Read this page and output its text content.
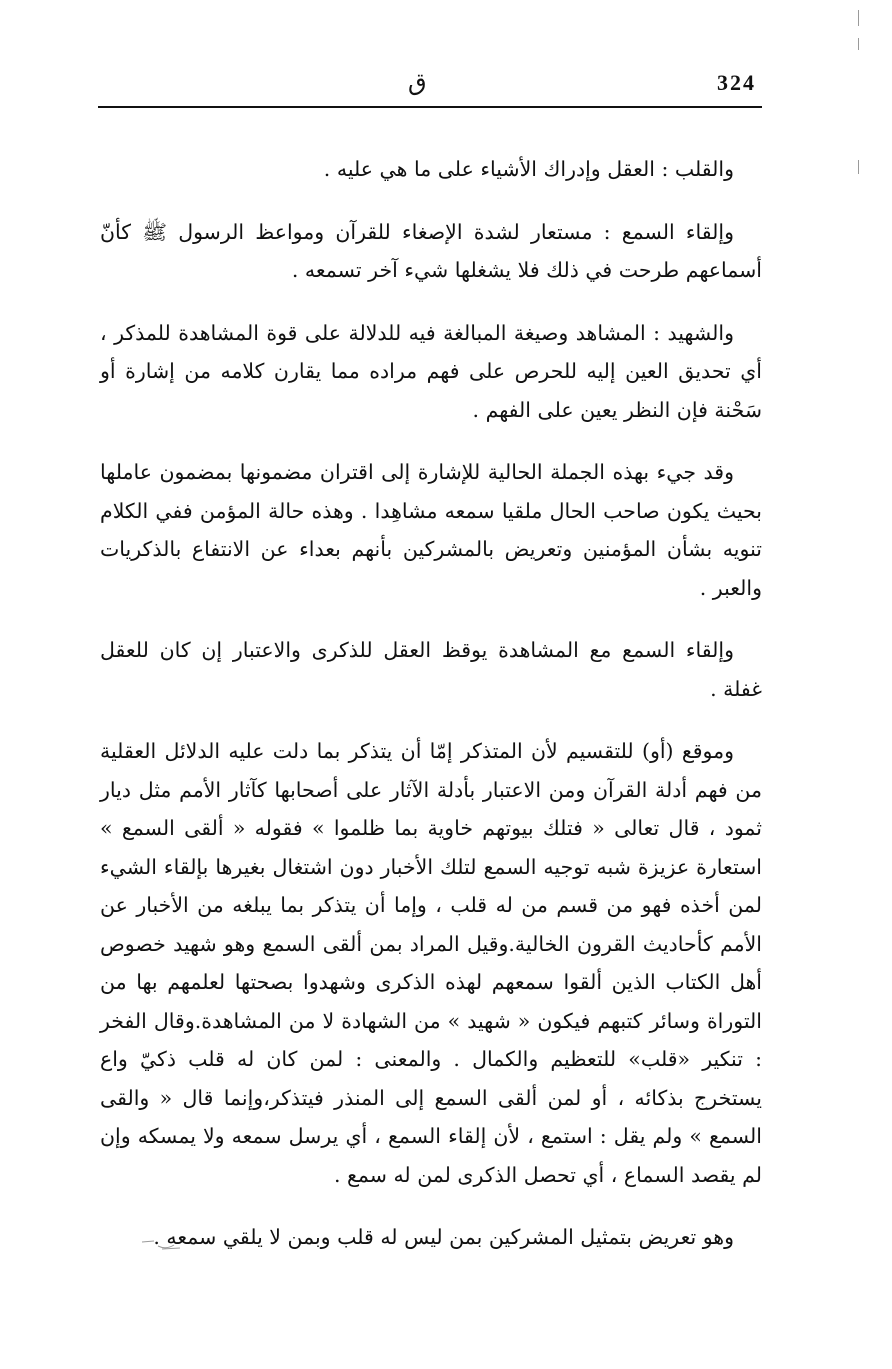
324
ق

والقلب : العقل وإدراك الأشياء على ما هي عليه .

وإلقاء السمع : مستعار لشدة الإصغاء للقرآن ومواعظ الرسول ﷺ كأنّ أسماعهم طرحت في ذلك فلا يشغلها شيء آخر تسمعه .

والشهيد : المشاهد وصيغة المبالغة فيه للدلالة على قوة المشاهدة للمذكر ، أي تحديق العين إليه للحرص على فهم مراده مما يقارن كلامه من إشارة أو سَحْنة فإن النظر يعين على الفهم .

وقد جيء بهذه الجملة الحالية للإشارة إلى اقتران مضمونها بمضمون عاملها بحيث يكون صاحب الحال ملقيا سمعه مشاهِدا . وهذه حالة المؤمن ففي الكلام تنويه بشأن المؤمنين وتعريض بالمشركين بأنهم بعداء عن الانتفاع بالذكريات والعبر .

وإلقاء السمع مع المشاهدة يوقظ العقل للذكرى والاعتبار إن كان للعقل غفلة .

وموقع (أو) للتقسيم لأن المتذكر إمّا أن يتذكر بما دلت عليه الدلائل العقلية من فهم أدلة القرآن ومن الاعتبار بأدلة الآثار على أصحابها كآثار الأمم مثل ديار ثمود ، قال تعالى « فتلك بيوتهم خاوية بما ظلموا » فقوله « ألقى السمع » استعارة عزيزة شبه توجيه السمع لتلك الأخبار دون اشتغال بغيرها بإلقاء الشيء لمن أخذه فهو من قسم من له قلب ، وإما أن يتذكر بما يبلغه من الأخبار عن الأمم كأحاديث القرون الخالية.وقيل المراد بمن ألقى السمع وهو شهيد خصوص أهل الكتاب الذين ألقوا سمعهم لهذه الذكرى وشهدوا بصحتها لعلمهم بها من التوراة وسائر كتبهم فيكون « شهيد » من الشهادة لا من المشاهدة.وقال الفخر : تنكير «قلب» للتعظيم والكمال . والمعنى : لمن كان له قلب ذكيّ واع يستخرج بذكائه ، أو لمن ألقى السمع إلى المنذر فيتذكر،وإنما قال « والقى السمع » ولم يقل : استمع ، لأن إلقاء السمع ، أي يرسل سمعه ولا يمسكه وإن لم يقصد السماع ، أي تحصل الذكرى لمن له سمع .

وهو تعريض بتمثيل المشركين بمن ليس له قلب وبمن لا يلقي سمعه .
